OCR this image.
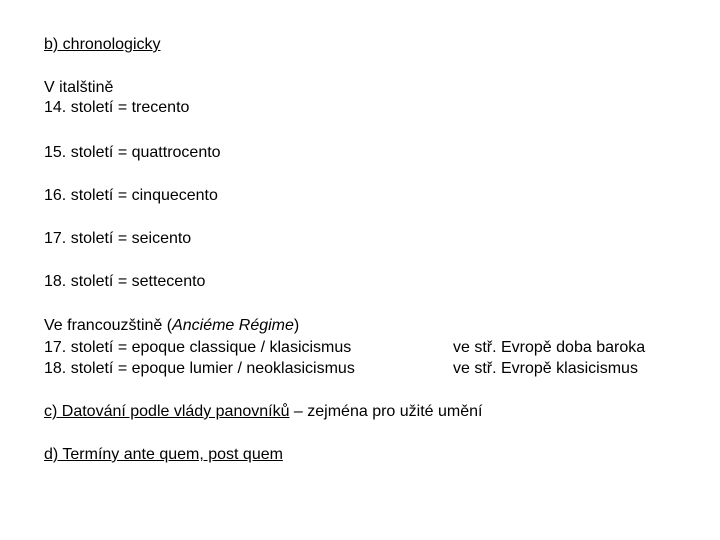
b) chronologicky
V italštině
14. století = trecento
15. století = quattrocento
16. století = cinquecento
17. století = seicento
18. století = settecento
Ve francouzštině (Anciéme Régime)
17. století = epoque classique / klasicismus	ve stř. Evropě doba baroka
18. století = epoque lumier / neoklasicismus	ve stř. Evropě klasicismus
c) Datování podle vlády panovníků – zejména pro užité umění
d) Termíny ante quem, post quem
